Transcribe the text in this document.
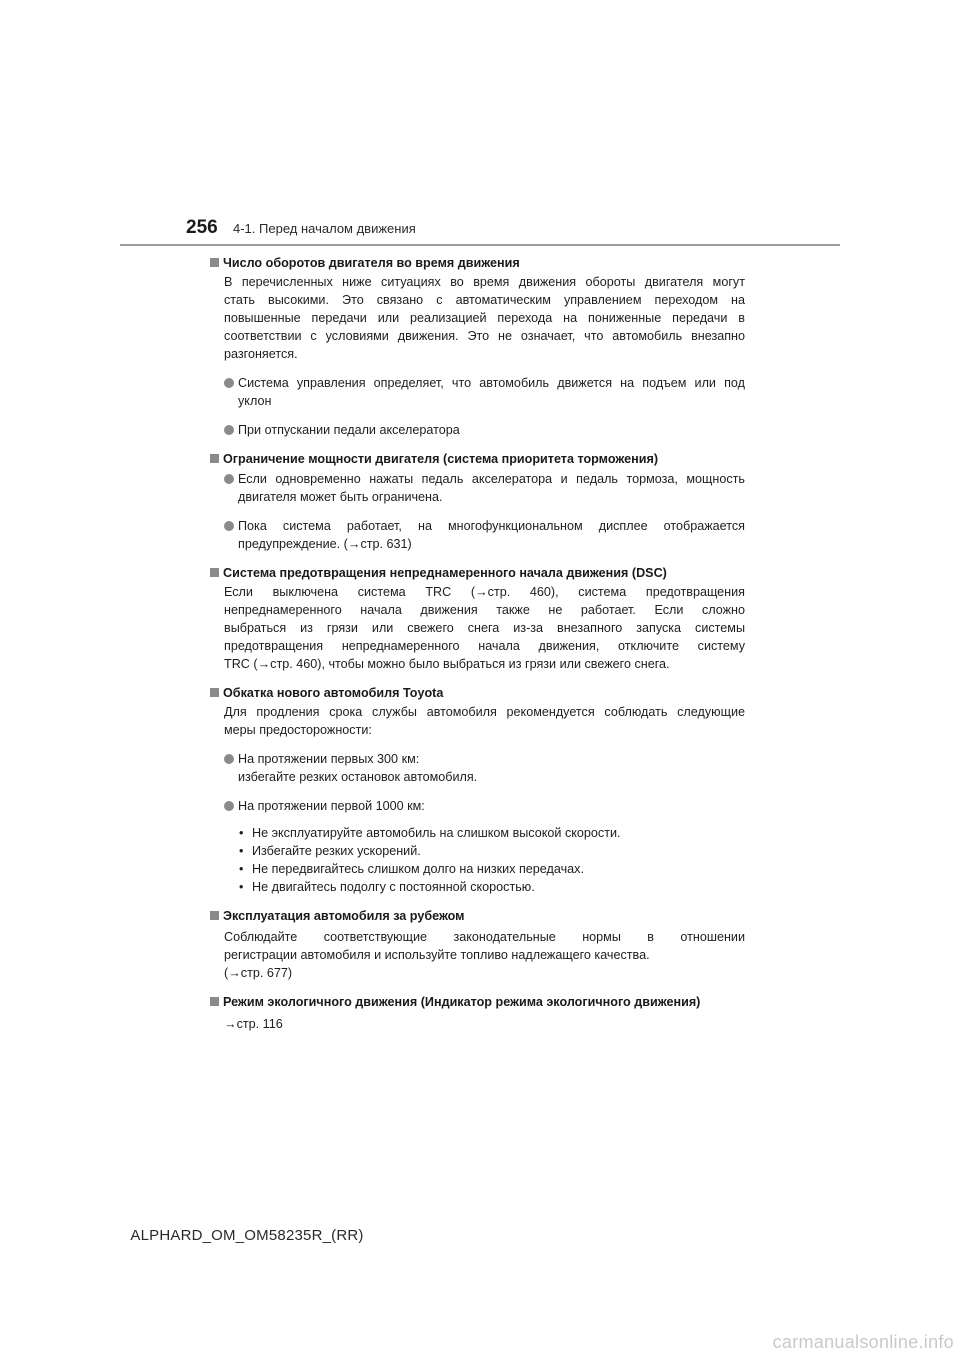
256 4-1. Перед началом движения
Число оборотов двигателя во время движения
В перечисленных ниже ситуациях во время движения обороты двигателя могут
стать высокими. Это связано с автоматическим управлением переходом на
повышенные передачи или реализацией перехода на пониженные передачи в
соответствии с условиями движения. Это не означает, что автомобиль внезапно
разгоняется.
Система управления определяет, что автомобиль движется на подъем или под
уклон
При отпускании педали акселератора
Ограничение мощности двигателя (система приоритета торможения)
Если одновременно нажаты педаль акселератора и педаль тормоза, мощность
двигателя может быть ограничена.
Пока система работает, на многофункциональном дисплее отображается
предупреждение. (→стр. 631)
Система предотвращения непреднамеренного начала движения (DSC)
Если выключена система TRC (→стр. 460), система предотвращения
непреднамеренного начала движения также не работает. Если сложно
выбраться из грязи или свежего снега из-за внезапного запуска системы
предотвращения непреднамеренного начала движения, отключите систему
TRC (→стр. 460), чтобы можно было выбраться из грязи или свежего снега.
Обкатка нового автомобиля Toyota
Для продления срока службы автомобиля рекомендуется соблюдать следующие
меры предосторожности:
На протяжении первых 300 км:
избегайте резких остановок автомобиля.
На протяжении первой 1000 км:
• Не эксплуатируйте автомобиль на слишком высокой скорости.
• Избегайте резких ускорений.
• Не передвигайтесь слишком долго на низких передачах.
• Не двигайтесь подолгу с постоянной скоростью.
Эксплуатация автомобиля за рубежом
Соблюдайте соответствующие законодательные нормы в отношении
регистрации автомобиля и используйте топливо надлежащего качества.
(→стр. 677)
Режим экологичного движения (Индикатор режима экологичного движения)
→стр. 116
ALPHARD_OM_OM58235R_(RR)
carmanualsonline.info
